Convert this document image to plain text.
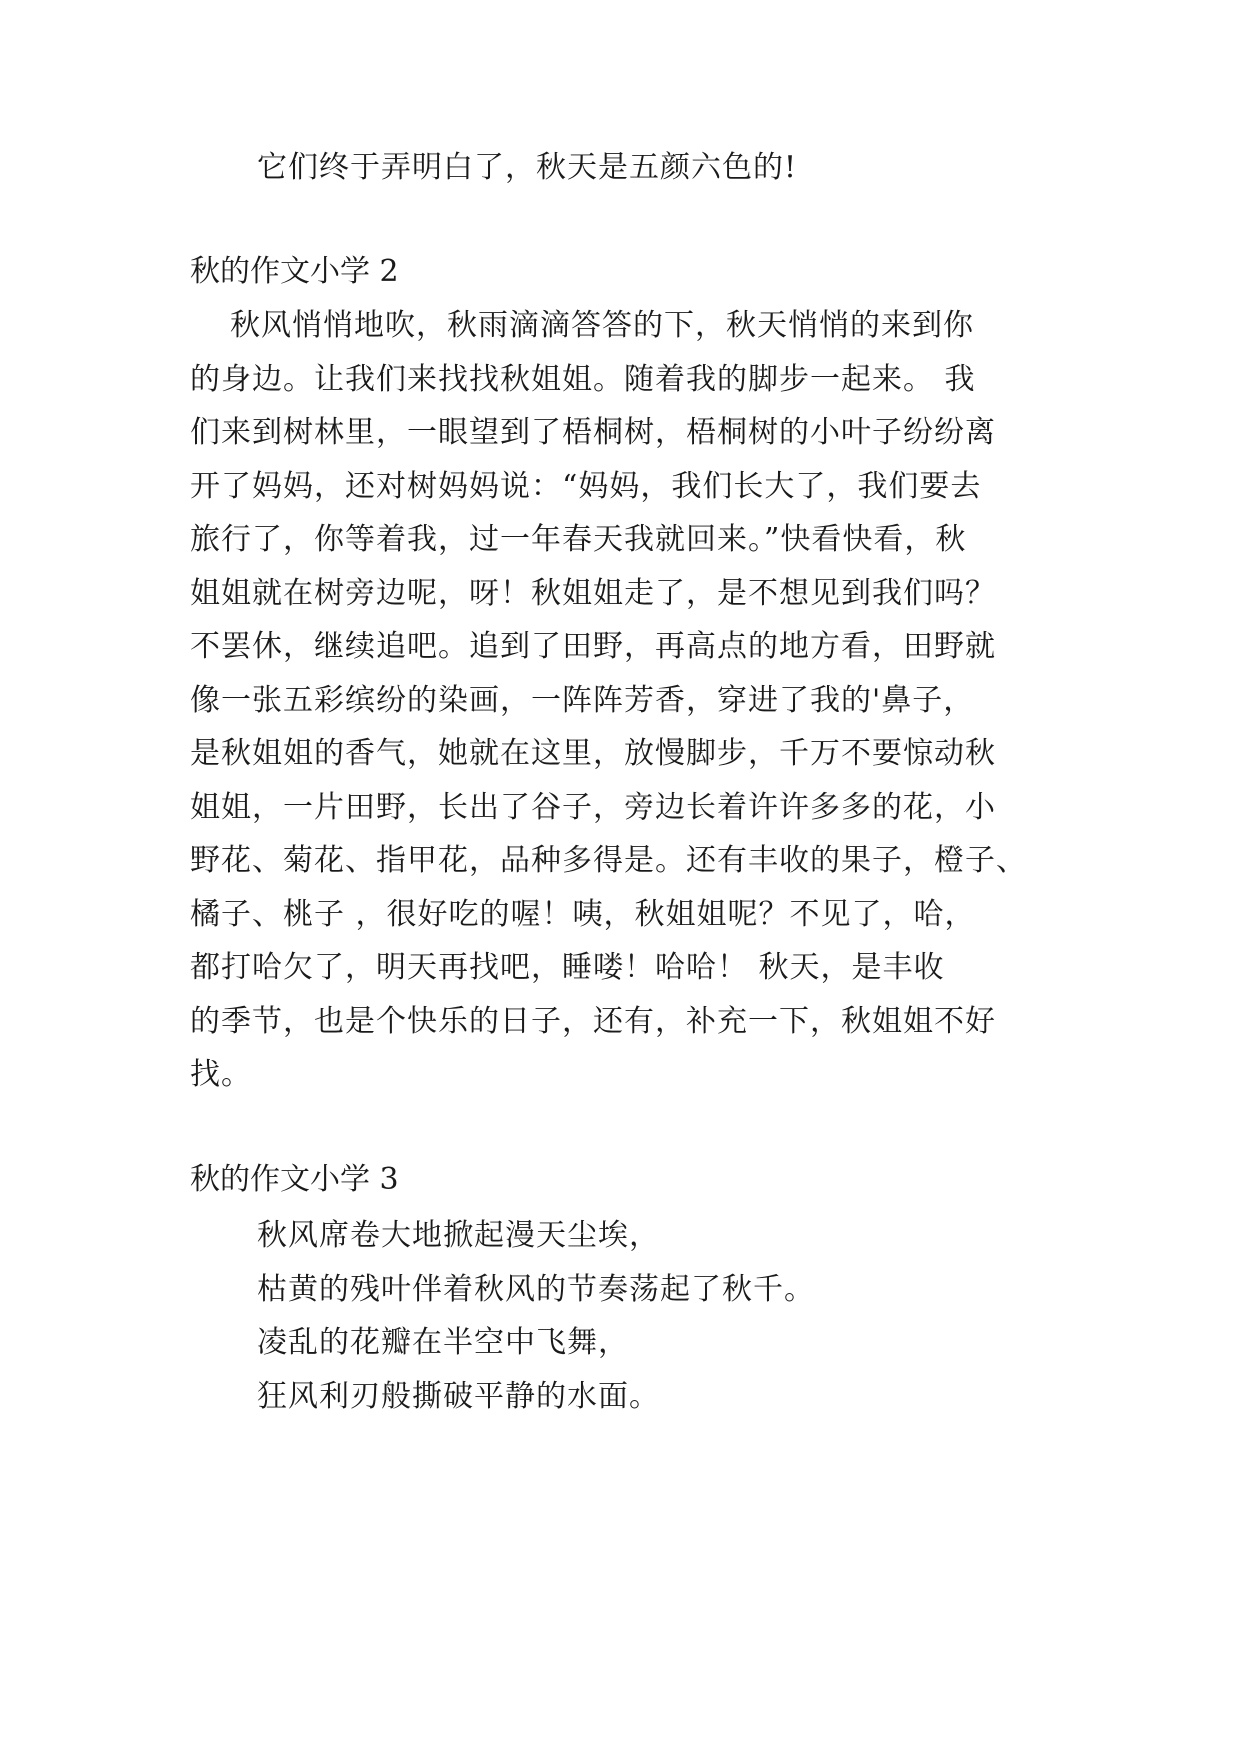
它们终于弄明白了，秋天是五颜六色的!
秋的作文小学 2
秋风悄悄地吹，秋雨滴滴答答的下，秋天悄悄的来到你
的身边。让我们来找找秋姐姐。随着我的脚步一起来。 我
们来到树林里，一眼望到了梧桐树，梧桐树的小叶子纷纷离
开了妈妈，还对树妈妈说：“妈妈，我们长大了，我们要去
旅行了，你等着我，过一年春天我就回来。”快看快看，秋
姐姐就在树旁边呢，呀！秋姐姐走了，是不想见到我们吗？
不罢休，继续追吧。追到了田野，再高点的地方看，田野就
像一张五彩缤纷的染画，一阵阵芳香，穿进了我的'鼻子，
是秋姐姐的香气，她就在这里，放慢脚步，千万不要惊动秋
姐姐，一片田野，长出了谷子，旁边长着许许多多的花，小
野花、菊花、指甲花，品种多得是。还有丰收的果子，橙子、
橘子、桃子 ，很好吃的喔！咦，秋姐姐呢？不见了，哈，
都打哈欠了，明天再找吧，睡喽！哈哈！ 秋天，是丰收
的季节，也是个快乐的日子，还有，补充一下，秋姐姐不好
找。
秋的作文小学 3
秋风席卷大地掀起漫天尘埃，
枯黄的残叶伴着秋风的节奏荡起了秋千。
凌乱的花瓣在半空中飞舞，
狂风利刃般撕破平静的水面。
